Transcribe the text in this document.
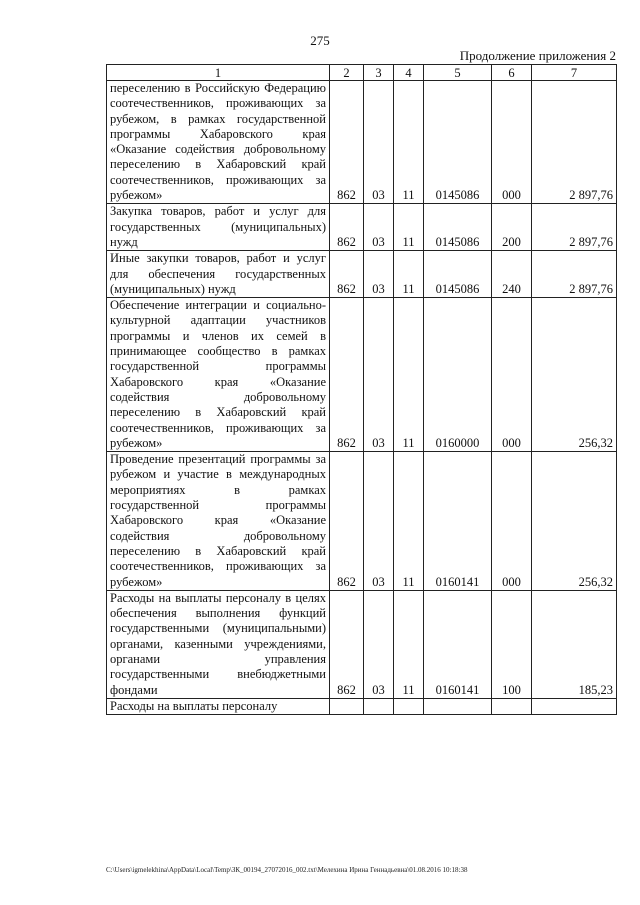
275
Продолжение приложения 2
1	2	3	4	5	6	7

переселению в Российскую Федерацию соотечественников, проживающих за рубежом, в рамках государственной программы Хабаровского края «Оказание содействия добровольному переселению в Хабаровский край соотечественников, проживающих за рубежом»	862	03	11	0145086	000	2 897,76

Закупка товаров, работ и услуг для государственных (муниципальных) нужд	862	03	11	0145086	200	2 897,76

Иные закупки товаров, работ и услуг для обеспечения государственных (муниципальных) нужд	862	03	11	0145086	240	2 897,76

Обеспечение интеграции и социально-культурной адаптации участников программы и членов их семей в принимающее сообщество в рамках государственной программы Хабаровского края «Оказание содействия добровольному переселению в Хабаровский край соотечественников, проживающих за рубежом»	862	03	11	0160000	000	256,32

Проведение презентаций программы за рубежом и участие в международных мероприятиях в рамках государственной программы Хабаровского края «Оказание содействия добровольному переселению в Хабаровский край соотечественников, проживающих за рубежом»	862	03	11	0160141	000	256,32

Расходы на выплаты персоналу в целях обеспечения выполнения функций государственными (муниципальными) органами, казенными учреждениями, органами управления государственными внебюджетными фондами	862	03	11	0160141	100	185,23

Расходы на выплаты персоналу						

C:\Users\igmelekhina\AppData\Local\Temp\ЗК_00194_27072016_002.txt\Мелехина Ирина Геннадьевна\01.08.2016 10:18:38
